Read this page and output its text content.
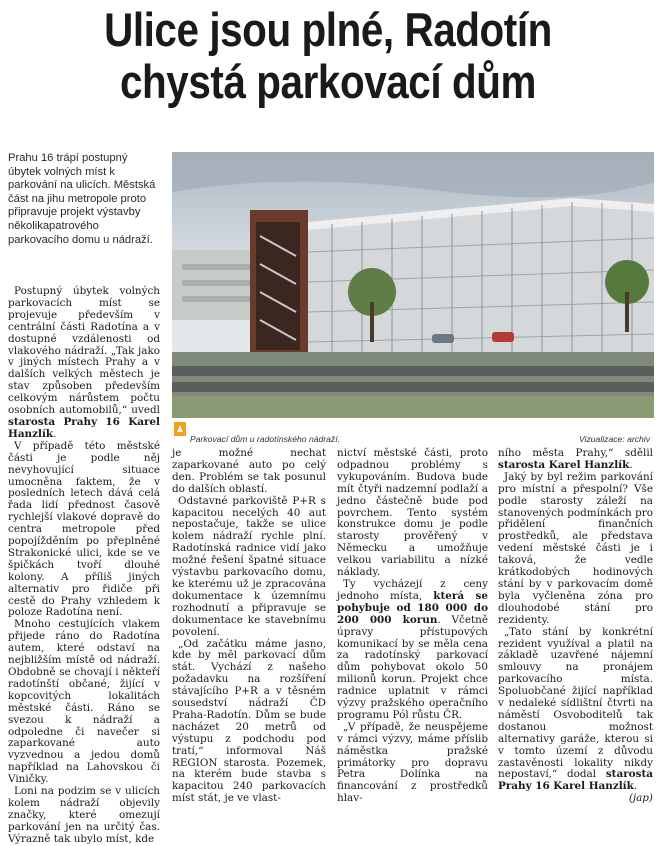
Ulice jsou plné, Radotín
chystá parkovací dům
Prahu 16 trápí postupný úbytek volných míst k parkování na ulicích. Městská část na jihu metropole proto připravuje projekt výstavby několikapatrového parkovacího domu u nádraží.
Parkovací dům u radotínského nádraží.	Vizualizace: archiv

Postupný úbytek volných parkovacích míst se projevuje především v centrální části Radotína a v dostupné vzdálenosti od vlakového nádraží. „Tak jako v jiných místech Prahy a v dalších velkých městech je stav způsoben především celkovým nárůstem počtu osobních automobilů,“ uvedl starosta Prahy 16 Karel Hanzlík.

V případě této městské části je podle něj nevyhovující situace umocněna faktem, že v posledních letech dává celá řada lidí přednost časově rychlejší vlakové dopravě do centra metropole před popojížděním po přeplněné Strakonické ulici, kde se ve špičkách tvoří dlouhé kolony. A příliš jiných alternativ pro řidiče při cestě do Prahy vzhledem k poloze Radotína není.

Mnoho cestujících vlakem přijede ráno do Radotína autem, které odstaví na nejbližším místě od nádraží. Obdobně se chovají i někteří radotínští občané, žijící v kopcovitých lokalitách městské části. Ráno se svezou k nádraží a odpoledne či navečer si zaparkované auto vyzvednou a jedou domů například na Lahovskou či Viničky.

Loni na podzim se v ulicích kolem nádraží objevily značky, které omezují parkování jen na určitý čas. Výrazně tak ubylo míst, kde

je možné nechat zaparkované auto po celý den. Problém se tak posunul do dalších oblastí.

Odstavné parkoviště P+R s kapacitou necelých 40 aut nepostačuje, takže se ulice kolem nádraží rychle plní. Radotínská radnice vidí jako možné řešení špatné situace výstavbu parkovacího domu, ke kterému už je zpracována dokumentace k územnímu rozhodnutí a připravuje se dokumentace ke stavebnímu povolení.

„Od začátku máme jasno, kde by měl parkovací dům stát. Vychází z našeho požadavku na rozšíření stávajícího P+R a v těsném sousedství nádraží ČD Praha-Radotín. Dům se bude nacházet 20 metrů od výstupu z podchodu pod tratí,“ informoval Náš REGION starosta. Pozemek, na kterém bude stavba s kapacitou 240 parkovacích míst stát, je ve vlast-

nictví městské části, proto odpadnou problémy s vykupováním. Budova bude mít čtyři nadzemní podlaží a jedno částečně bude pod povrchem. Tento systém konstrukce domu je podle starosty prověřený v Německu a umožňuje velkou variabilitu a nízké náklady.

Ty vycházejí z ceny jednoho místa, která se pohybuje od 180 000 do 200 000 korun. Včetně úpravy přístupových komunikací by se měla cena za radotínský parkovací dům pohybovat okolo 50 milionů korun. Projekt chce radnice uplatnit v rámci výzvy pražského operačního programu Pól růstu ČR.

„V případě, že neuspějeme v rámci výzvy, máme příslib náměstka pražské primátorky pro dopravu Petra Dolínka na financování z prostředků hlav-

ního města Prahy,“ sdělil starosta Karel Hanzlík.

Jaký by byl režim parkování pro místní a přespolní? Vše podle starosty záleží na stanovených podmínkách pro přidělení finančních prostředků, ale představa vedení městské části je i taková, že vedle krátkodobých hodinových stání by v parkovacím domě byla vyčleněna zóna pro dlouhodobé stání pro rezidenty.

„Tato stání by konkrétní rezident využíval a platil na základě uzavřené nájemní smlouvy na pronájem parkovacího místa. Spoluobčané žijící například v nedaleké sídlištní čtvrti na náměstí Osvoboditelů tak dostanou možnost alternativy garáže, kterou si v tomto území z důvodu zastavěnosti lokality nikdy nepostaví,“ dodal starosta Prahy 16 Karel Hanzlík.
(jap)
